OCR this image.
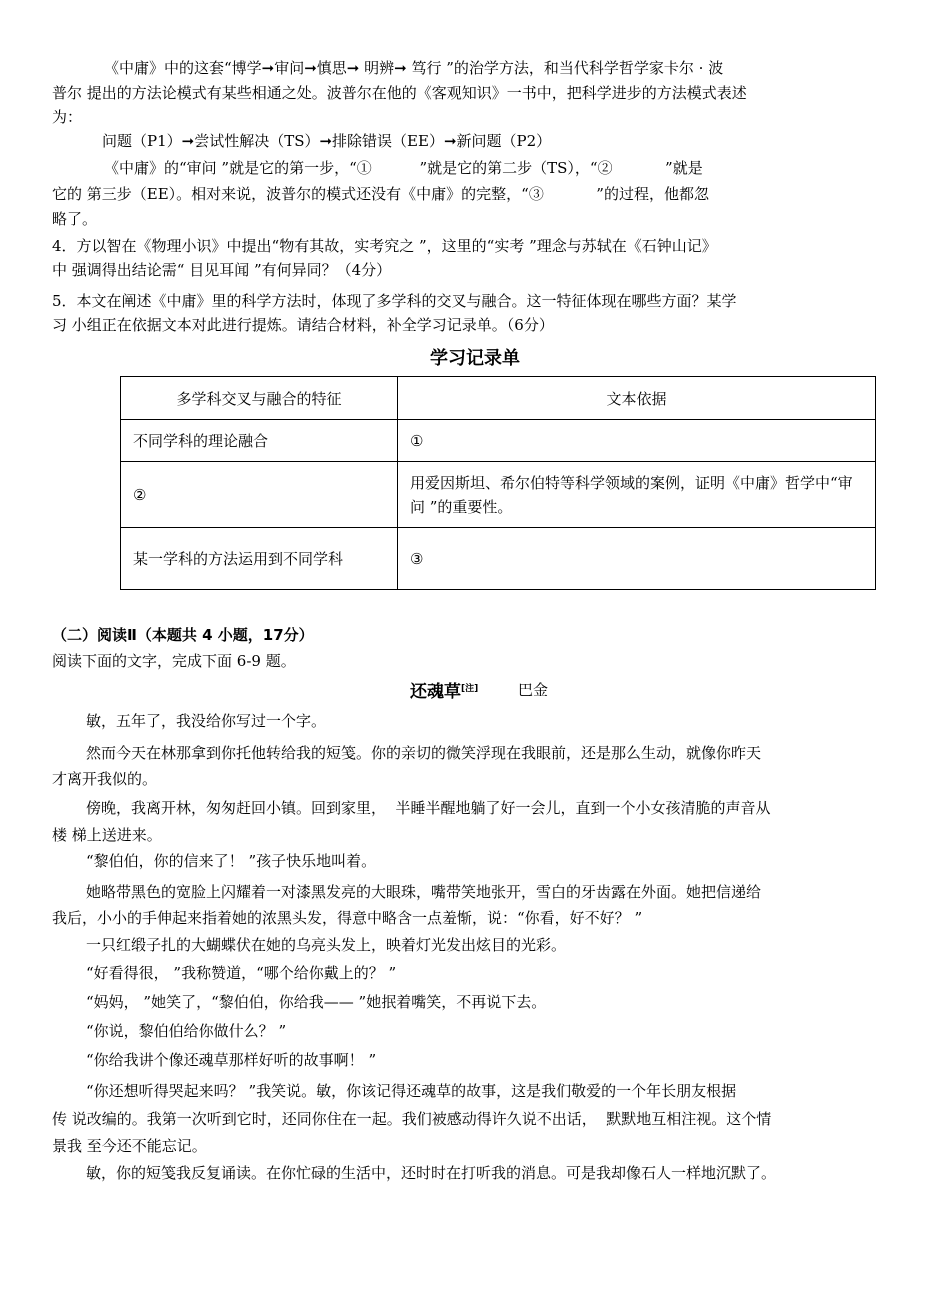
《中庸》中的这套“博学➞审问➞慎思➞ 明辨➞ 笃行 ”的治学方法，和当代科学哲学家卡尔 · 波
普尔 提出的方法论模式有某些相通之处。波普尔在他的《客观知识》一书中，把科学进步的方法模式表述
为：
问题（P1）➞尝试性解决（TS）➞排除错误（EE）➞新问题（P2）
《中庸》的“审问 ”就是它的第一步，“①          ”就是它的第二步（TS），“②           ”就是
它的 第三步（EE）。相对来说，波普尔的模式还没有《中庸》的完整，“③           ”的过程，他都忽
略了。
4．方以智在《物理小识》中提出“物有其故，实考究之 ”，这里的“实考 ”理念与苏轼在《石钟山记》
中 强调得出结论需“ 目见耳闻 ”有何异同？（4分）
5．本文在阐述《中庸》里的科学方法时，体现了多学科的交叉与融合。这一特征体现在哪些方面？某学
习 小组正在依据文本对此进行提炼。请结合材料，补全学习记录单。（6分）
学习记录单
多学科交叉与融合的特征	文本依据
不同学科的理论融合	①
②	用爱因斯坦、希尔伯特等科学领域的案例，证明《中庸》哲学中“审问 ”的重要性。
某一学科的方法运用到不同学科	③
（二）阅读Ⅱ（本题共 4 小题，17分）
阅读下面的文字，完成下面 6-9 题。
还魂草[注]	巴金
敏，五年了，我没给你写过一个字。
然而今天在林那拿到你托他转给我的短笺。你的亲切的微笑浮现在我眼前，还是那么生动，就像你昨天
才离开我似的。
傍晚，我离开林，匆匆赶回小镇。回到家里，  半睡半醒地躺了好一会儿，直到一个小女孩清脆的声音从
楼 梯上送进来。
“黎伯伯，你的信来了！ ”孩子快乐地叫着。
她略带黑色的宽脸上闪耀着一对漆黑发亮的大眼珠，嘴带笑地张开，雪白的牙齿露在外面。她把信递给
我后，小小的手伸起来指着她的浓黑头发，得意中略含一点羞惭，说：“你看，好不好？ ”
一只红缎子扎的大蝴蝶伏在她的乌亮头发上，映着灯光发出炫目的光彩。
“好看得很， ”我称赞道，“哪个给你戴上的？ ”
“妈妈， ”她笑了，“黎伯伯，你给我—— ”她抿着嘴笑，不再说下去。
“你说，黎伯伯给你做什么？ ”
“你给我讲个像还魂草那样好听的故事啊！ ”
“你还想听得哭起来吗？ ”我笑说。敏，你该记得还魂草的故事，这是我们敬爱的一个年长朋友根据
传 说改编的。我第一次听到它时，还同你住在一起。我们被感动得许久说不出话，  默默地互相注视。这个情
景我 至今还不能忘记。
敏，你的短笺我反复诵读。在你忙碌的生活中，还时时在打听我的消息。可是我却像石人一样地沉默了。
